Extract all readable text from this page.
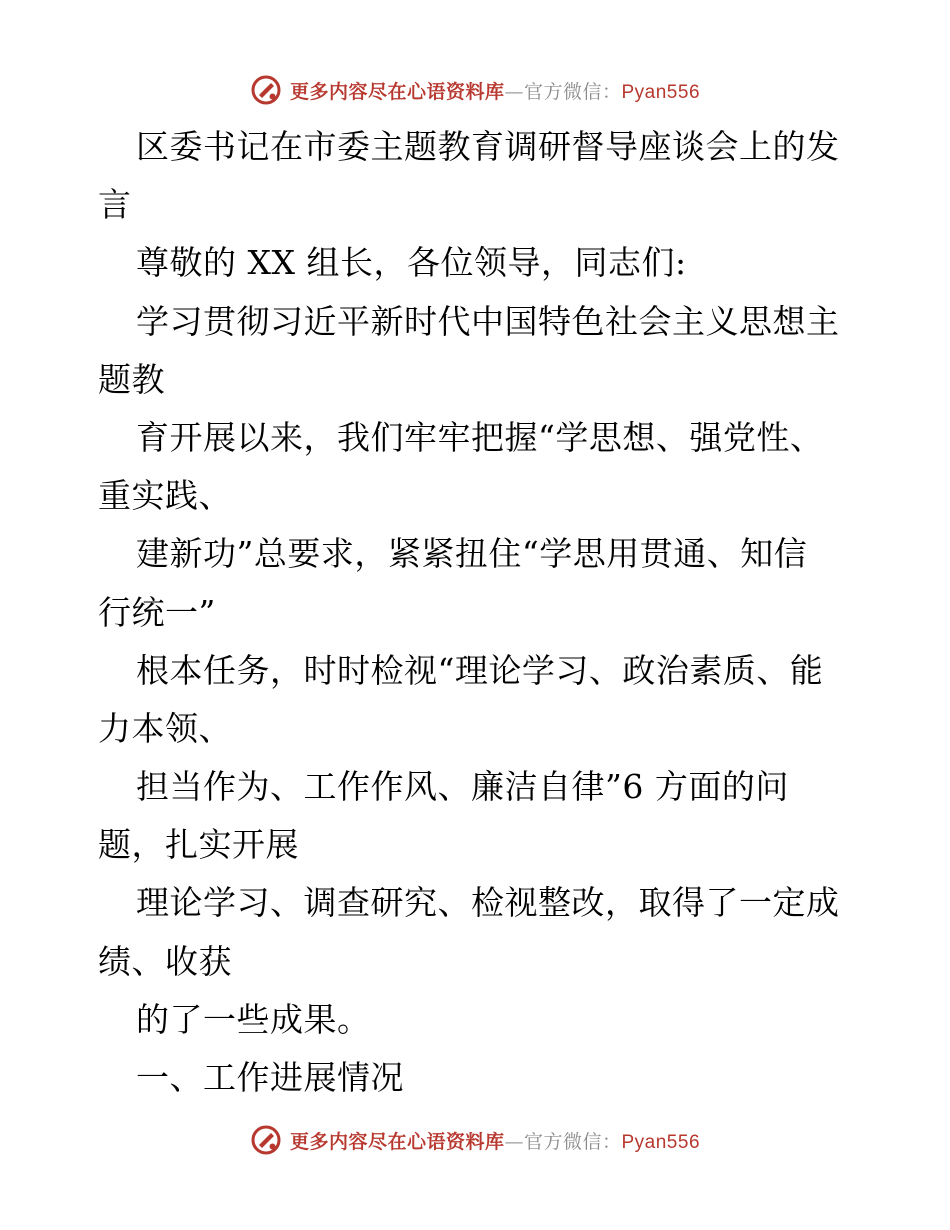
更多内容尽在心语资料库—官方微信：Pyan556
区委书记在市委主题教育调研督导座谈会上的发
言
尊敬的 XX 组长，各位领导，同志们:
学习贯彻习近平新时代中国特色社会主义思想主
题教
育开展以来，我们牢牢把握“学思想、强党性、
重实践、
建新功”总要求，紧紧扭住“学思用贯通、知信
行统一”
根本任务，时时检视“理论学习、政治素质、能
力本领、
担当作为、工作作风、廉洁自律”6 方面的问
题，扎实开展
理论学习、调查研究、检视整改，取得了一定成
绩、收获
的了一些成果。
一、工作进展情况
更多内容尽在心语资料库—官方微信：Pyan556
